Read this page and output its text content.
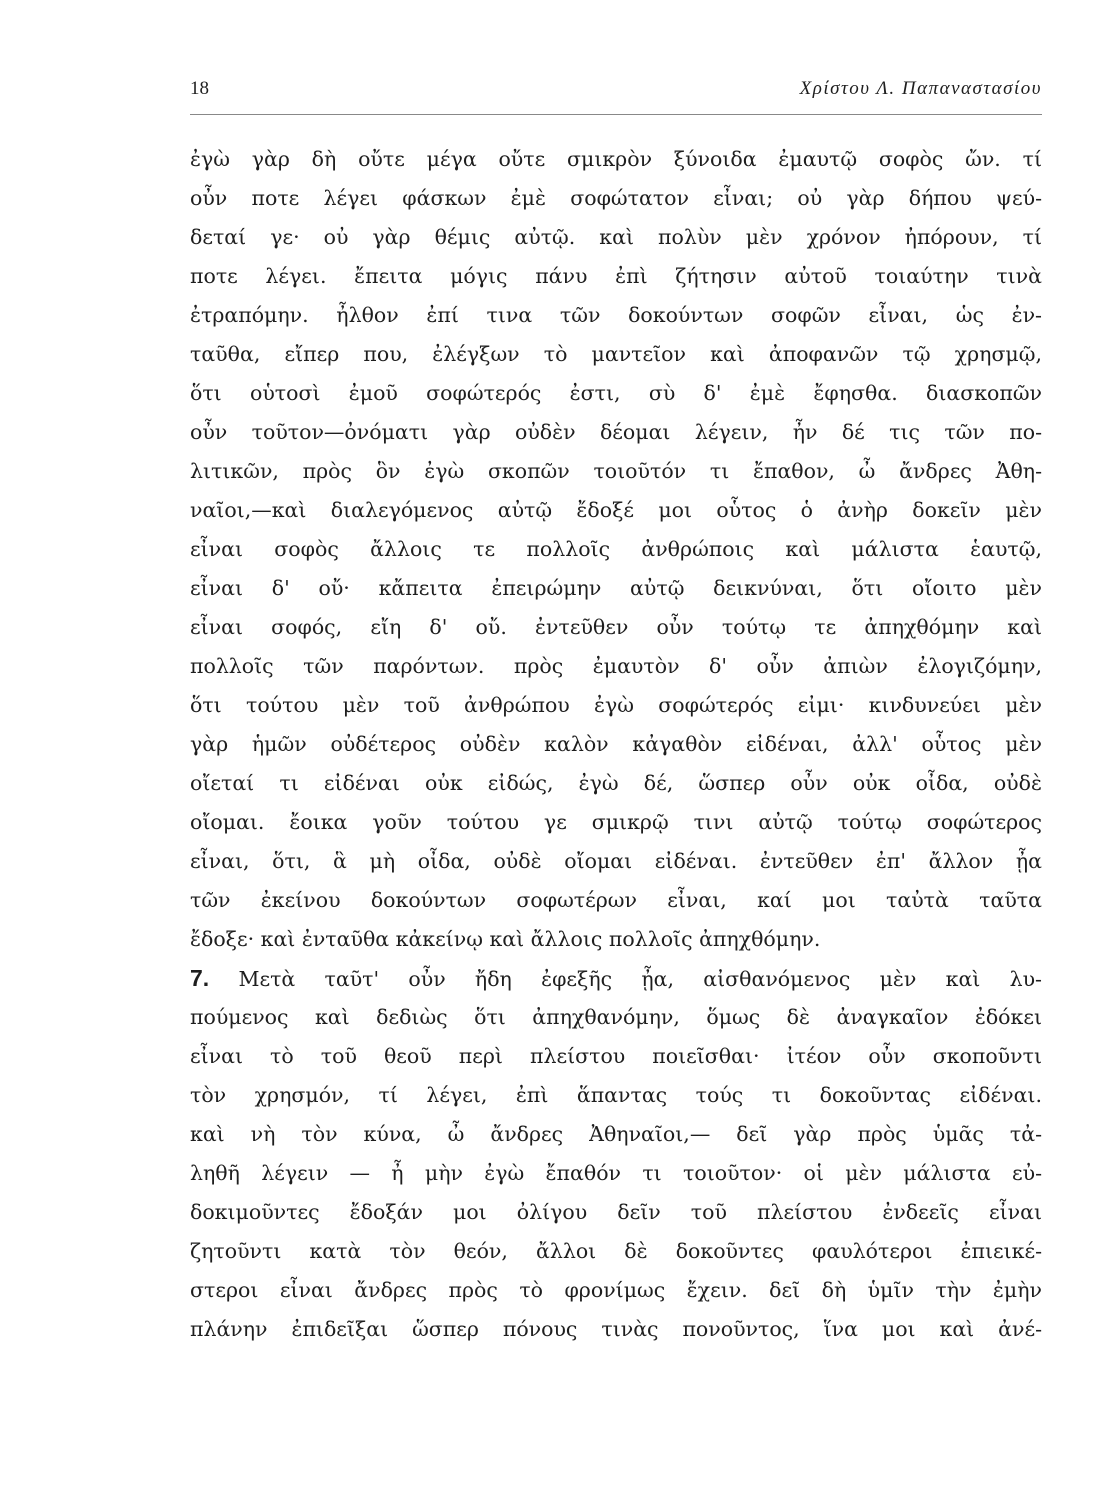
18	Χρίστου Λ. Παπαναστασίου
ἐγὼ γὰρ δὴ οὔτε μέγα οὔτε σμικρὸν ξύνοιδα ἐμαυτῷ σοφὸς ὤν. τί
οὖν ποτε λέγει φάσκων ἐμὲ σοφώτατον εἶναι; οὐ γὰρ δήπου ψεύ-
δεταί γε· οὐ γὰρ θέμις αὐτῷ. καὶ πολὺν μὲν χρόνον ἠπόρουν, τί
ποτε λέγει. ἔπειτα μόγις πάνυ ἐπὶ ζήτησιν αὐτοῦ τοιαύτην τινὰ
ἐτραπόμην. ἦλθον ἐπί τινα τῶν δοκούντων σοφῶν εἶναι, ὡς ἐν-
ταῦθα, εἴπερ που, ἐλέγξων τὸ μαντεῖον καὶ ἀποφανῶν τῷ χρησμῷ,
ὅτι οὑτοσὶ ἐμοῦ σοφώτερός ἐστι, σὺ δ' ἐμὲ ἔφησθα. διασκοπῶν
οὖν τοῦτον—ὀνόματι γὰρ οὐδὲν δέομαι λέγειν, ἦν δέ τις τῶν πο-
λιτικῶν, πρὸς ὃν ἐγὼ σκοπῶν τοιοῦτόν τι ἔπαθον, ὦ ἄνδρες Ἀθη-
ναῖοι,—καὶ διαλεγόμενος αὐτῷ ἔδοξέ μοι οὗτος ὁ ἀνὴρ δοκεῖν μὲν
εἶναι σοφὸς ἄλλοις τε πολλοῖς ἀνθρώποις καὶ μάλιστα ἑαυτῷ,
εἶναι δ' οὔ· κἄπειτα ἐπειρώμην αὐτῷ δεικνύναι, ὅτι οἴοιτο μὲν
εἶναι σοφός, εἴη δ' οὔ. ἐντεῦθεν οὖν τούτῳ τε ἀπηχθόμην καὶ
πολλοῖς τῶν παρόντων. πρὸς ἐμαυτὸν δ' οὖν ἀπιὼν ἐλογιζόμην,
ὅτι τούτου μὲν τοῦ ἀνθρώπου ἐγὼ σοφώτερός εἰμι· κινδυνεύει μὲν
γὰρ ἡμῶν οὐδέτερος οὐδὲν καλὸν κἀγαθὸν εἰδέναι, ἀλλ' οὗτος μὲν
οἴεταί τι εἰδέναι οὐκ εἰδώς, ἐγὼ δέ, ὥσπερ οὖν οὐκ οἶδα, οὐδὲ
οἴομαι. ἔοικα γοῦν τούτου γε σμικρῷ τινι αὐτῷ τούτῳ σοφώτερος
εἶναι, ὅτι, ἃ μὴ οἶδα, οὐδὲ οἴομαι εἰδέναι. ἐντεῦθεν ἐπ' ἄλλον ᾖα
τῶν ἐκείνου δοκούντων σοφωτέρων εἶναι, καί μοι ταὐτὰ ταῦτα
ἔδοξε· καὶ ἐνταῦθα κἀκείνῳ καὶ ἄλλοις πολλοῖς ἀπηχθόμην.
7. Μετὰ ταῦτ' οὖν ἤδη ἐφεξῆς ᾖα, αἰσθανόμενος μὲν καὶ λυ-
πούμενος καὶ δεδιὼς ὅτι ἀπηχθανόμην, ὅμως δὲ ἀναγκαῖον ἐδόκει
εἶναι τὸ τοῦ θεοῦ περὶ πλείστου ποιεῖσθαι· ἰτέον οὖν σκοποῦντι
τὸν χρησμόν, τί λέγει, ἐπὶ ἅπαντας τούς τι δοκοῦντας εἰδέναι.
καὶ νὴ τὸν κύνα, ὦ ἄνδρες Ἀθηναῖοι,— δεῖ γὰρ πρὸς ὑμᾶς τἀ-
ληθῆ λέγειν — ἦ μὴν ἐγὼ ἔπαθόν τι τοιοῦτον· οἱ μὲν μάλιστα εὐ-
δοκιμοῦντες ἔδοξάν μοι ὀλίγου δεῖν τοῦ πλείστου ἐνδεεῖς εἶναι
ζητοῦντι κατὰ τὸν θεόν, ἄλλοι δὲ δοκοῦντες φαυλότεροι ἐπιεικέ-
στεροι εἶναι ἄνδρες πρὸς τὸ φρονίμως ἔχειν. δεῖ δὴ ὑμῖν τὴν ἐμὴν
πλάνην ἐπιδεῖξαι ὥσπερ πόνους τινὰς πονοῦντος, ἵνα μοι καὶ ἀνέ-
